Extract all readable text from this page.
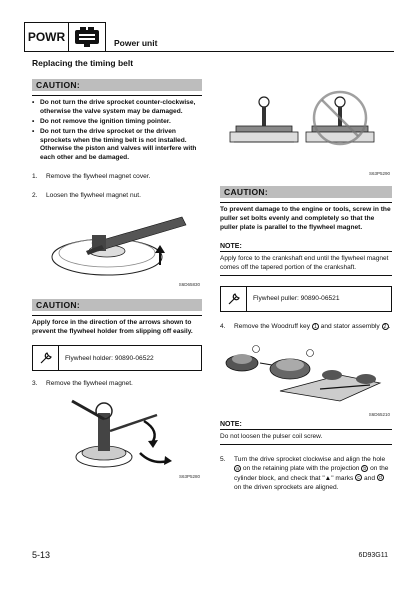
POWR	Power unit
Replacing the timing belt
CAUTION:
• Do not turn the drive sprocket counter-clockwise, otherwise the valve system may be damaged.
• Do not remove the ignition timing pointer.
• Do not turn the drive sprocket or the driven sprockets when the timing belt is not installed. Otherwise the piston and valves will interfere with each other and be damaged.
1.	Remove the flywheel magnet cover.
2.	Loosen the flywheel magnet nut.
S6D65830
CAUTION:
Apply force in the direction of the arrows shown to prevent the flywheel holder from slipping off easily.
Flywheel holder: 90890-06522
3.	Remove the flywheel magnet.
S63P5280
S63P5290
CAUTION:
To prevent damage to the engine or tools, screw in the puller set bolts evenly and completely so that the puller plate is parallel to the flywheel magnet.
NOTE:
Apply force to the crankshaft end until the flywheel magnet comes off the tapered portion of the crankshaft.
Flywheel puller: 90890-06521
4.	Remove the Woodruff key 1 and stator assembly 2 .
S6D65210
NOTE:
Do not loosen the pulser coil screw.
5.	Turn the drive sprocket clockwise and align the hole a on the retaining plate with the projection b on the cylinder block, and check that "▲" marks c and d on the driven sprockets are aligned.
5-13	6D93G11
